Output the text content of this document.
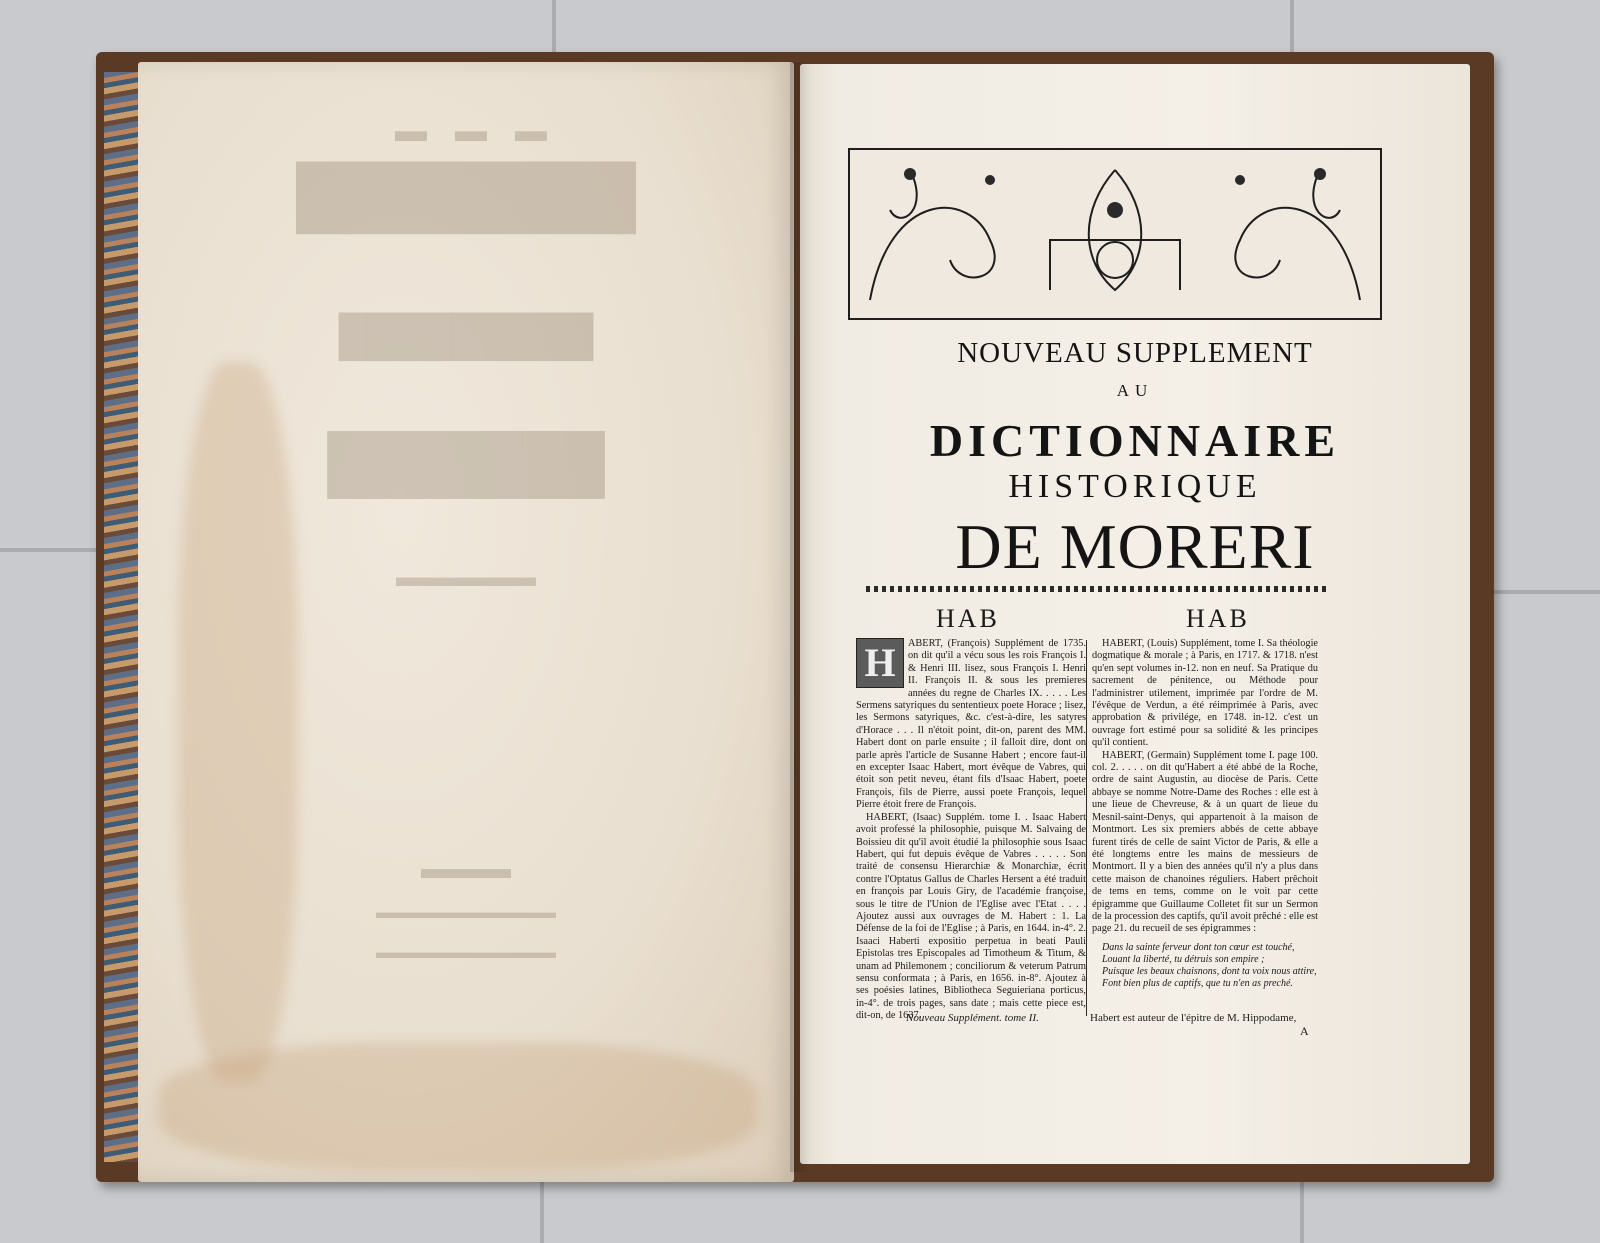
▬ ▬ ▬
████████
█████████
███████
▬▬▬▬▬
▬▬▬
▬▬▬▬▬▬▬▬▬▬
▬▬▬▬▬▬▬▬▬▬
NOUVEAU SUPPLEMENT
AU
DICTIONNAIRE
HISTORIQUE
DE MORERI
HAB	HAB

H	ABERT, (François) Supplément de 1735. on dit qu'il a vécu sous les rois François I. & Henri III. lisez, sous François I. Henri II. François II. & sous les premieres années du regne de Charles IX. . . . . Les Sermens satyriques du sententieux poete Horace ; lisez, les Sermons satyriques, &c. c'est-à-dire, les satyres d'Horace . . . Il n'étoit point, dit-on, parent des MM. Habert dont on parle ensuite ; il falloit dire, dont on parle après l'article de Susanne Habert ; encore faut-il en excepter Isaac Habert, mort évêque de Vabres, qui étoit son petit neveu, étant fils d'Isaac Habert, poete François, fils de Pierre, aussi poete François, lequel Pierre étoit frere de François.

HABERT, (Isaac) Supplém. tome I. . Isaac Habert avoit professé la philosophie, puisque M. Salvaing de Boissieu dit qu'il avoit étudié la philosophie sous Isaac Habert, qui fut depuis évêque de Vabres . . . . . Son traité de consensu Hierarchiæ & Monarchiæ, écrit contre l'Optatus Gallus de Charles Hersent a été traduit en françois par Louis Giry, de l'académie françoise, sous le titre de l'Union de l'Eglise avec l'Etat . . . . Ajoutez aussi aux ouvrages de M. Habert : 1. La Défense de la foi de l'Eglise ; à Paris, en 1644. in-4°. 2. Isaaci Haberti expositio perpetua in beati Pauli Epistolas tres Episcopales ad Timotheum & Titum, & unam ad Philemonem ; conciliorum & veterum Patrum sensu conformata ; à Paris, en 1656. in-8°. Ajoutez à ses poésies latines, Bibliotheca Seguieriana porticus, in-4°. de trois pages, sans date ; mais cette piece est, dit-on, de 1637.

Nouveau Supplément. tome II.

HABERT, (Louis) Supplément, tome I. Sa théologie dogmatique & morale ; à Paris, en 1717. & 1718. n'est qu'en sept volumes in-12. non en neuf. Sa Pratique du sacrement de pénitence, ou Méthode pour l'administrer utilement, imprimée par l'ordre de M. l'évêque de Verdun, a été réimprimée à Paris, avec approbation & privilége, en 1748. in-12. c'est un ouvrage fort estimé pour sa solidité & les principes qu'il contient.

HABERT, (Germain) Supplément tome I. page 100. col. 2. . . . . on dit qu'Habert a été abbé de la Roche, ordre de saint Augustin, au diocèse de Paris. Cette abbaye se nomme Notre-Dame des Roches : elle est à une lieue de Chevreuse, & à un quart de lieue du Mesnil-saint-Denys, qui appartenoit à la maison de Montmort. Les six premiers abbés de cette abbaye furent tirés de celle de saint Victor de Paris, & elle a été longtems entre les mains de messieurs de Montmort. Il y a bien des années qu'il n'y a plus dans cette maison de chanoines réguliers. Habert prêchoit de tems en tems, comme on le voit par cette épigramme que Guillaume Colletet fit sur un Sermon de la procession des captifs, qu'il avoit prêché : elle est page 21. du recueil de ses épigrammes :

Dans la sainte ferveur dont ton cœur est touché,
Louant la liberté, tu détruis son empire ;
Puisque les beaux chaisnons, dont ta voix nous attire,
Font bien plus de captifs, que tu n'en as preché.
Habert est auteur de l'épitre de M. Hippodame,
A
